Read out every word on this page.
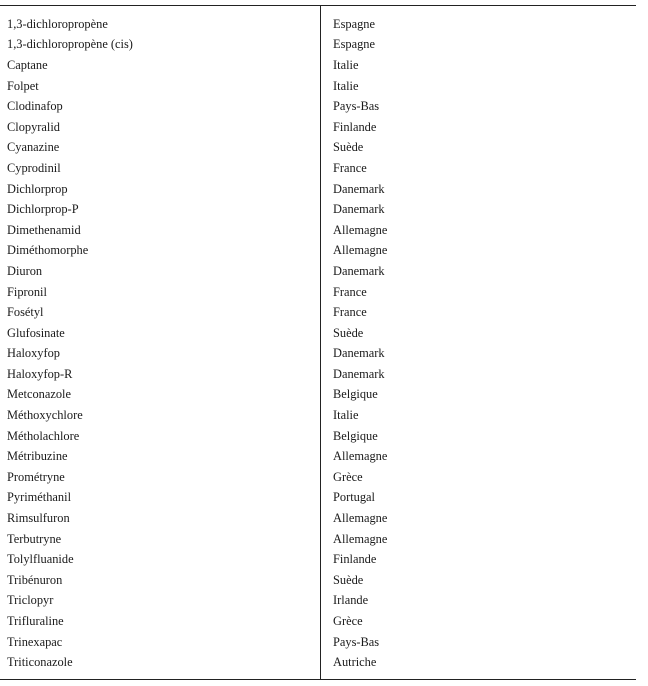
1,3-dichloropropène	Espagne
1,3-dichloropropène (cis)	Espagne
Captane	Italie
Folpet	Italie
Clodinafop	Pays-Bas
Clopyralid	Finlande
Cyanazine	Suède
Cyprodinil	France
Dichlorprop	Danemark
Dichlorprop-P	Danemark
Dimethenamid	Allemagne
Diméthomorphe	Allemagne
Diuron	Danemark
Fipronil	France
Fosétyl	France
Glufosinate	Suède
Haloxyfop	Danemark
Haloxyfop-R	Danemark
Metconazole	Belgique
Méthoxychlore	Italie
Métholachlore	Belgique
Métribuzine	Allemagne
Prométryne	Grèce
Pyriméthanil	Portugal
Rimsulfuron	Allemagne
Terbutryne	Allemagne
Tolylfluanide	Finlande
Tribénuron	Suède
Triclopyr	Irlande
Trifluraline	Grèce
Trinexapac	Pays-Bas
Triticonazole	Autriche
